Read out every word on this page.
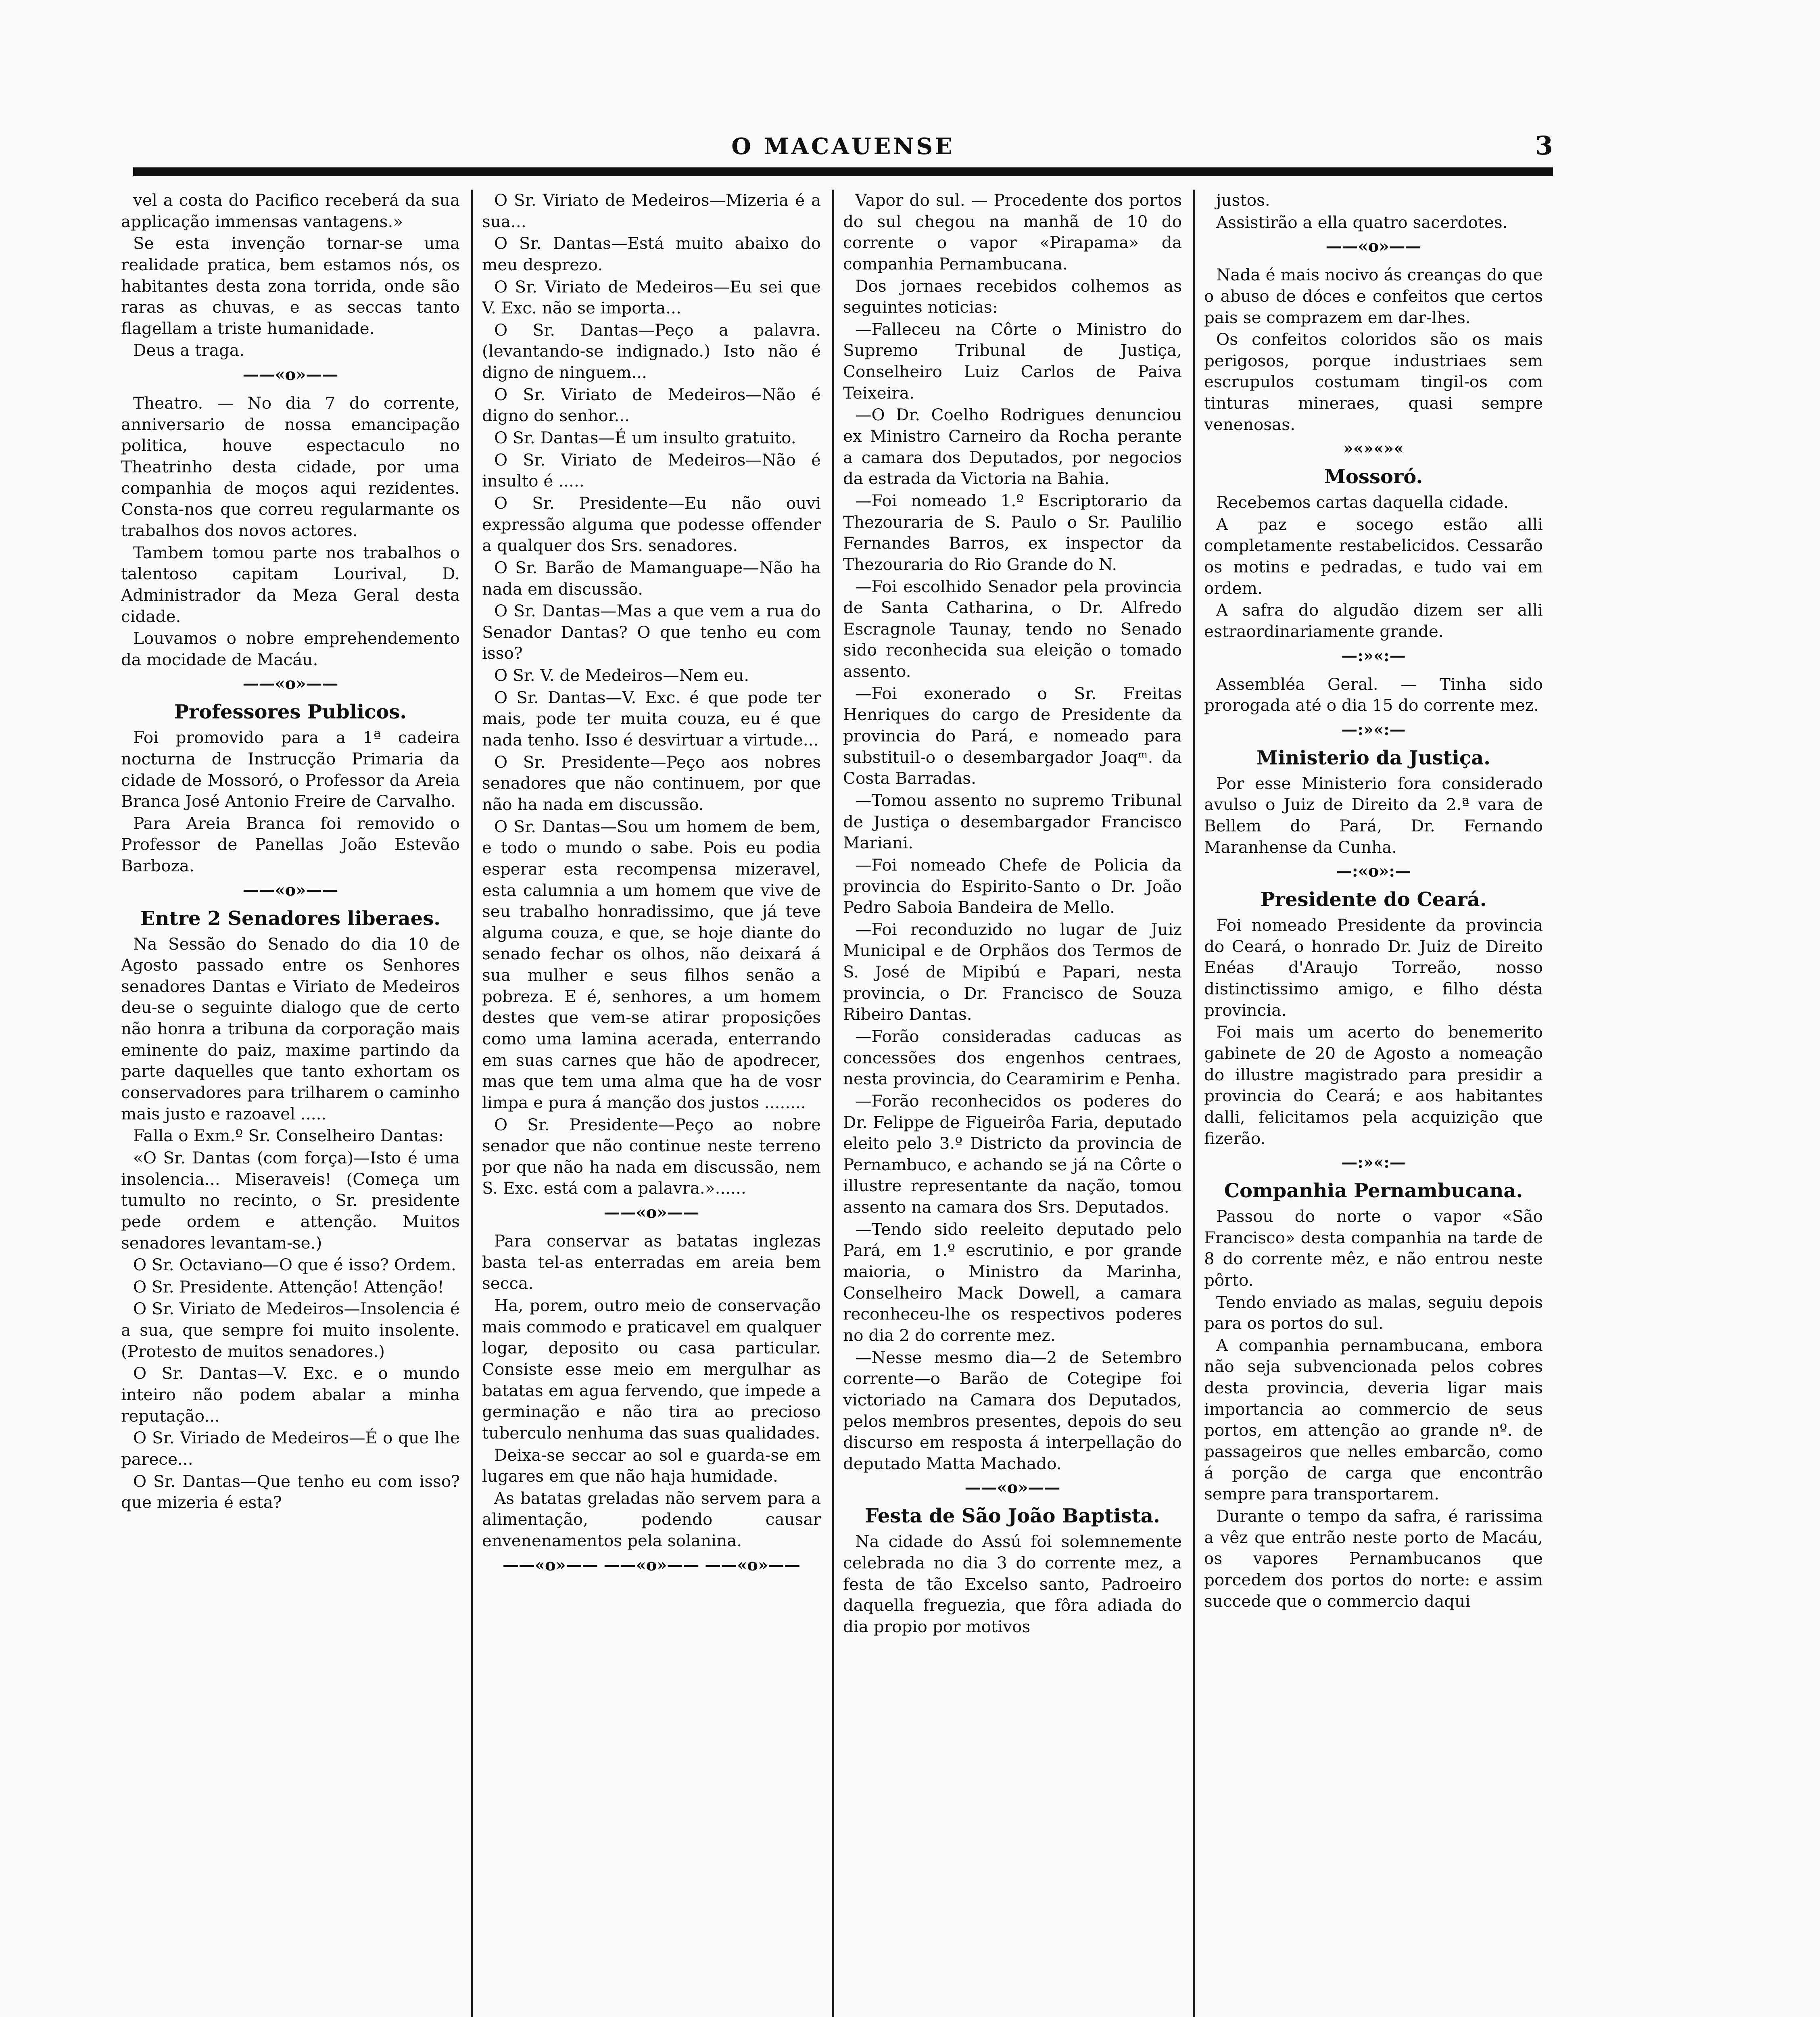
O MACAUENSE	3

vel a costa do Pacifico receberá da sua applicação immensas vantagens.»

Se esta invenção tornar-se uma realidade pratica, bem estamos nós, os habitantes desta zona torrida, onde são raras as chuvas, e as seccas tanto flagellam a triste humanidade.

Deus a traga.

——«o»——

Theatro. — No dia 7 do corrente, anniversario de nossa emancipação politica, houve espectaculo no Theatrinho desta cidade, por uma companhia de moços aqui rezidentes. Consta-nos que correu regularmante os trabalhos dos novos actores.

Tambem tomou parte nos trabalhos o talentoso capitam Lourival, D. Administrador da Meza Geral desta cidade.

Louvamos o nobre emprehendemento da mocidade de Macáu.

——«o»——
Professores Publicos.

Foi promovido para a 1ª cadeira nocturna de Instrucção Primaria da cidade de Mossoró, o Professor da Areia Branca José Antonio Freire de Carvalho.

Para Areia Branca foi removido o Professor de Panellas João Estevão Barboza.

——«o»——
Entre 2 Senadores liberaes.

Na Sessão do Senado do dia 10 de Agosto passado entre os Senhores senadores Dantas e Viriato de Medeiros deu-se o seguinte dialogo que de certo não honra a tribuna da corporação mais eminente do paiz, maxime partindo da parte daquelles que tanto exhortam os conservadores para trilharem o caminho mais justo e razoavel .....

Falla o Exm.º Sr. Conselheiro Dantas:

«O Sr. Dantas (com força)—Isto é uma insolencia... Miseraveis! (Começa um tumulto no recinto, o Sr. presidente pede ordem e attenção. Muitos senadores levantam-se.)

O Sr. Octaviano—O que é isso? Ordem.

O Sr. Presidente. Attenção! Attenção!

O Sr. Viriato de Medeiros—Insolencia é a sua, que sempre foi muito insolente. (Protesto de muitos senadores.)

O Sr. Dantas—V. Exc. e o mundo inteiro não podem abalar a minha reputação...

O Sr. Viriado de Medeiros—É o que lhe parece...

O Sr. Dantas—Que tenho eu com isso? que mizeria é esta?

O Sr. Viriato de Medeiros—Mizeria é a sua...

O Sr. Dantas—Está muito abaixo do meu desprezo.

O Sr. Viriato de Medeiros—Eu sei que V. Exc. não se importa...

O Sr. Dantas—Peço a palavra. (levantando-se indignado.) Isto não é digno de ninguem...

O Sr. Viriato de Medeiros—Não é digno do senhor...

O Sr. Dantas—É um insulto gratuito.

O Sr. Viriato de Medeiros—Não é insulto é .....

O Sr. Presidente—Eu não ouvi expressão alguma que podesse offender a qualquer dos Srs. senadores.

O Sr. Barão de Mamanguape—Não ha nada em discussão.

O Sr. Dantas—Mas a que vem a rua do Senador Dantas? O que tenho eu com isso?

O Sr. V. de Medeiros—Nem eu.

O Sr. Dantas—V. Exc. é que pode ter mais, pode ter muita couza, eu é que nada tenho. Isso é desvirtuar a virtude...

O Sr. Presidente—Peço aos nobres senadores que não continuem, por que não ha nada em discussão.

O Sr. Dantas—Sou um homem de bem, e todo o mundo o sabe. Pois eu podia esperar esta recompensa mizeravel, esta calumnia a um homem que vive de seu trabalho honradissimo, que já teve alguma couza, e que, se hoje diante do senado fechar os olhos, não deixará á sua mulher e seus filhos senão a pobreza. E é, senhores, a um homem destes que vem-se atirar proposições como uma lamina acerada, enterrando em suas carnes que hão de apodrecer, mas que tem uma alma que ha de vosr limpa e pura á manção dos justos ........

O Sr. Presidente—Peço ao nobre senador que não continue neste terreno por que não ha nada em discussão, nem S. Exc. está com a palavra.»......

——«o»——

Para conservar as batatas inglezas basta tel-as enterradas em areia bem secca.

Ha, porem, outro meio de conservação mais commodo e praticavel em qualquer logar, deposito ou casa particular. Consiste esse meio em mergulhar as batatas em agua fervendo, que impede a germinação e não tira ao precioso tuberculo nenhuma das suas qualidades.

Deixa-se seccar ao sol e guarda-se em lugares em que não haja humidade.

As batatas greladas não servem para a alimentação, podendo causar envenenamentos pela solanina.

——«o»—— ——«o»—— ——«o»——

Vapor do sul. — Procedente dos portos do sul chegou na manhã de 10 do corrente o vapor «Pirapama» da companhia Pernambucana.

Dos jornaes recebidos colhemos as seguintes noticias:

—Falleceu na Côrte o Ministro do Supremo Tribunal de Justiça, Conselheiro Luiz Carlos de Paiva Teixeira.

—O Dr. Coelho Rodrigues denunciou ex Ministro Carneiro da Rocha perante a camara dos Deputados, por negocios da estrada da Victoria na Bahia.

—Foi nomeado 1.º Escriptorario da Thezouraria de S. Paulo o Sr. Paulilio Fernandes Barros, ex inspector da Thezouraria do Rio Grande do N.

—Foi escolhido Senador pela provincia de Santa Catharina, o Dr. Alfredo Escragnole Taunay, tendo no Senado sido reconhecida sua eleição o tomado assento.

—Foi exonerado o Sr. Freitas Henriques do cargo de Presidente da provincia do Pará, e nomeado para substituil-o o desembargador Joaqᵐ. da Costa Barradas.

—Tomou assento no supremo Tribunal de Justiça o desembargador Francisco Mariani.

—Foi nomeado Chefe de Policia da provincia do Espirito-Santo o Dr. João Pedro Saboia Bandeira de Mello.

—Foi reconduzido no lugar de Juiz Municipal e de Orphãos dos Termos de S. José de Mipibú e Papari, nesta provincia, o Dr. Francisco de Souza Ribeiro Dantas.

—Forão consideradas caducas as concessões dos engenhos centraes, nesta provincia, do Cearamirim e Penha.

—Forão reconhecidos os poderes do Dr. Felippe de Figueirôa Faria, deputado eleito pelo 3.º Districto da provincia de Pernambuco, e achando se já na Côrte o illustre representante da nação, tomou assento na camara dos Srs. Deputados.

—Tendo sido reeleito deputado pelo Pará, em 1.º escrutinio, e por grande maioria, o Ministro da Marinha, Conselheiro Mack Dowell, a camara reconheceu-lhe os respectivos poderes no dia 2 do corrente mez.

—Nesse mesmo dia—2 de Setembro corrente—o Barão de Cotegipe foi victoriado na Camara dos Deputados, pelos membros presentes, depois do seu discurso em resposta á interpellação do deputado Matta Machado.

——«o»——
Festa de São João Baptista.

Na cidade do Assú foi solemnemente celebrada no dia 3 do corrente mez, a festa de tão Excelso santo, Padroeiro daquella freguezia, que fôra adiada do dia propio por motivos

justos.

Assistirão a ella quatro sacerdotes.

——«o»——

Nada é mais nocivo ás creanças do que o abuso de dóces e confeitos que certos pais se comprazem em dar-lhes.

Os confeitos coloridos são os mais perigosos, porque industriaes sem escrupulos costumam tingil-os com tinturas mineraes, quasi sempre venenosas.

»«»«»«
Mossoró.

Recebemos cartas daquella cidade.

A paz e socego estão alli completamente restabelicidos. Cessarão os motins e pedradas, e tudo vai em ordem.

A safra do algudão dizem ser alli estraordinariamente grande.

—:»«:—

Assembléa Geral. — Tinha sido prorogada até o dia 15 do corrente mez.

—:»«:—
Ministerio da Justiça.

Por esse Ministerio fora considerado avulso o Juiz de Direito da 2.ª vara de Bellem do Pará, Dr. Fernando Maranhense da Cunha.

—:«o»:—
Presidente do Ceará.

Foi nomeado Presidente da provincia do Ceará, o honrado Dr. Juiz de Direito Enéas d'Araujo Torreão, nosso distinctissimo amigo, e filho désta provincia.

Foi mais um acerto do benemerito gabinete de 20 de Agosto a nomeação do illustre magistrado para presidir a provincia do Ceará; e aos habitantes dalli, felicitamos pela acquizição que fizerão.

—:»«:—
Companhia Pernambucana.

Passou do norte o vapor «São Francisco» desta companhia na tarde de 8 do corrente mêz, e não entrou neste pôrto.

Tendo enviado as malas, seguiu depois para os portos do sul.

A companhia pernambucana, embora não seja subvencionada pelos cobres desta provincia, deveria ligar mais importancia ao commercio de seus portos, em attenção ao grande nº. de passageiros que nelles embarcão, como á porção de carga que encontrão sempre para transportarem.

Durante o tempo da safra, é rarissima a vêz que entrão neste porto de Macáu, os vapores Pernambucanos que porcedem dos portos do norte: e assim succede que o commercio daqui
